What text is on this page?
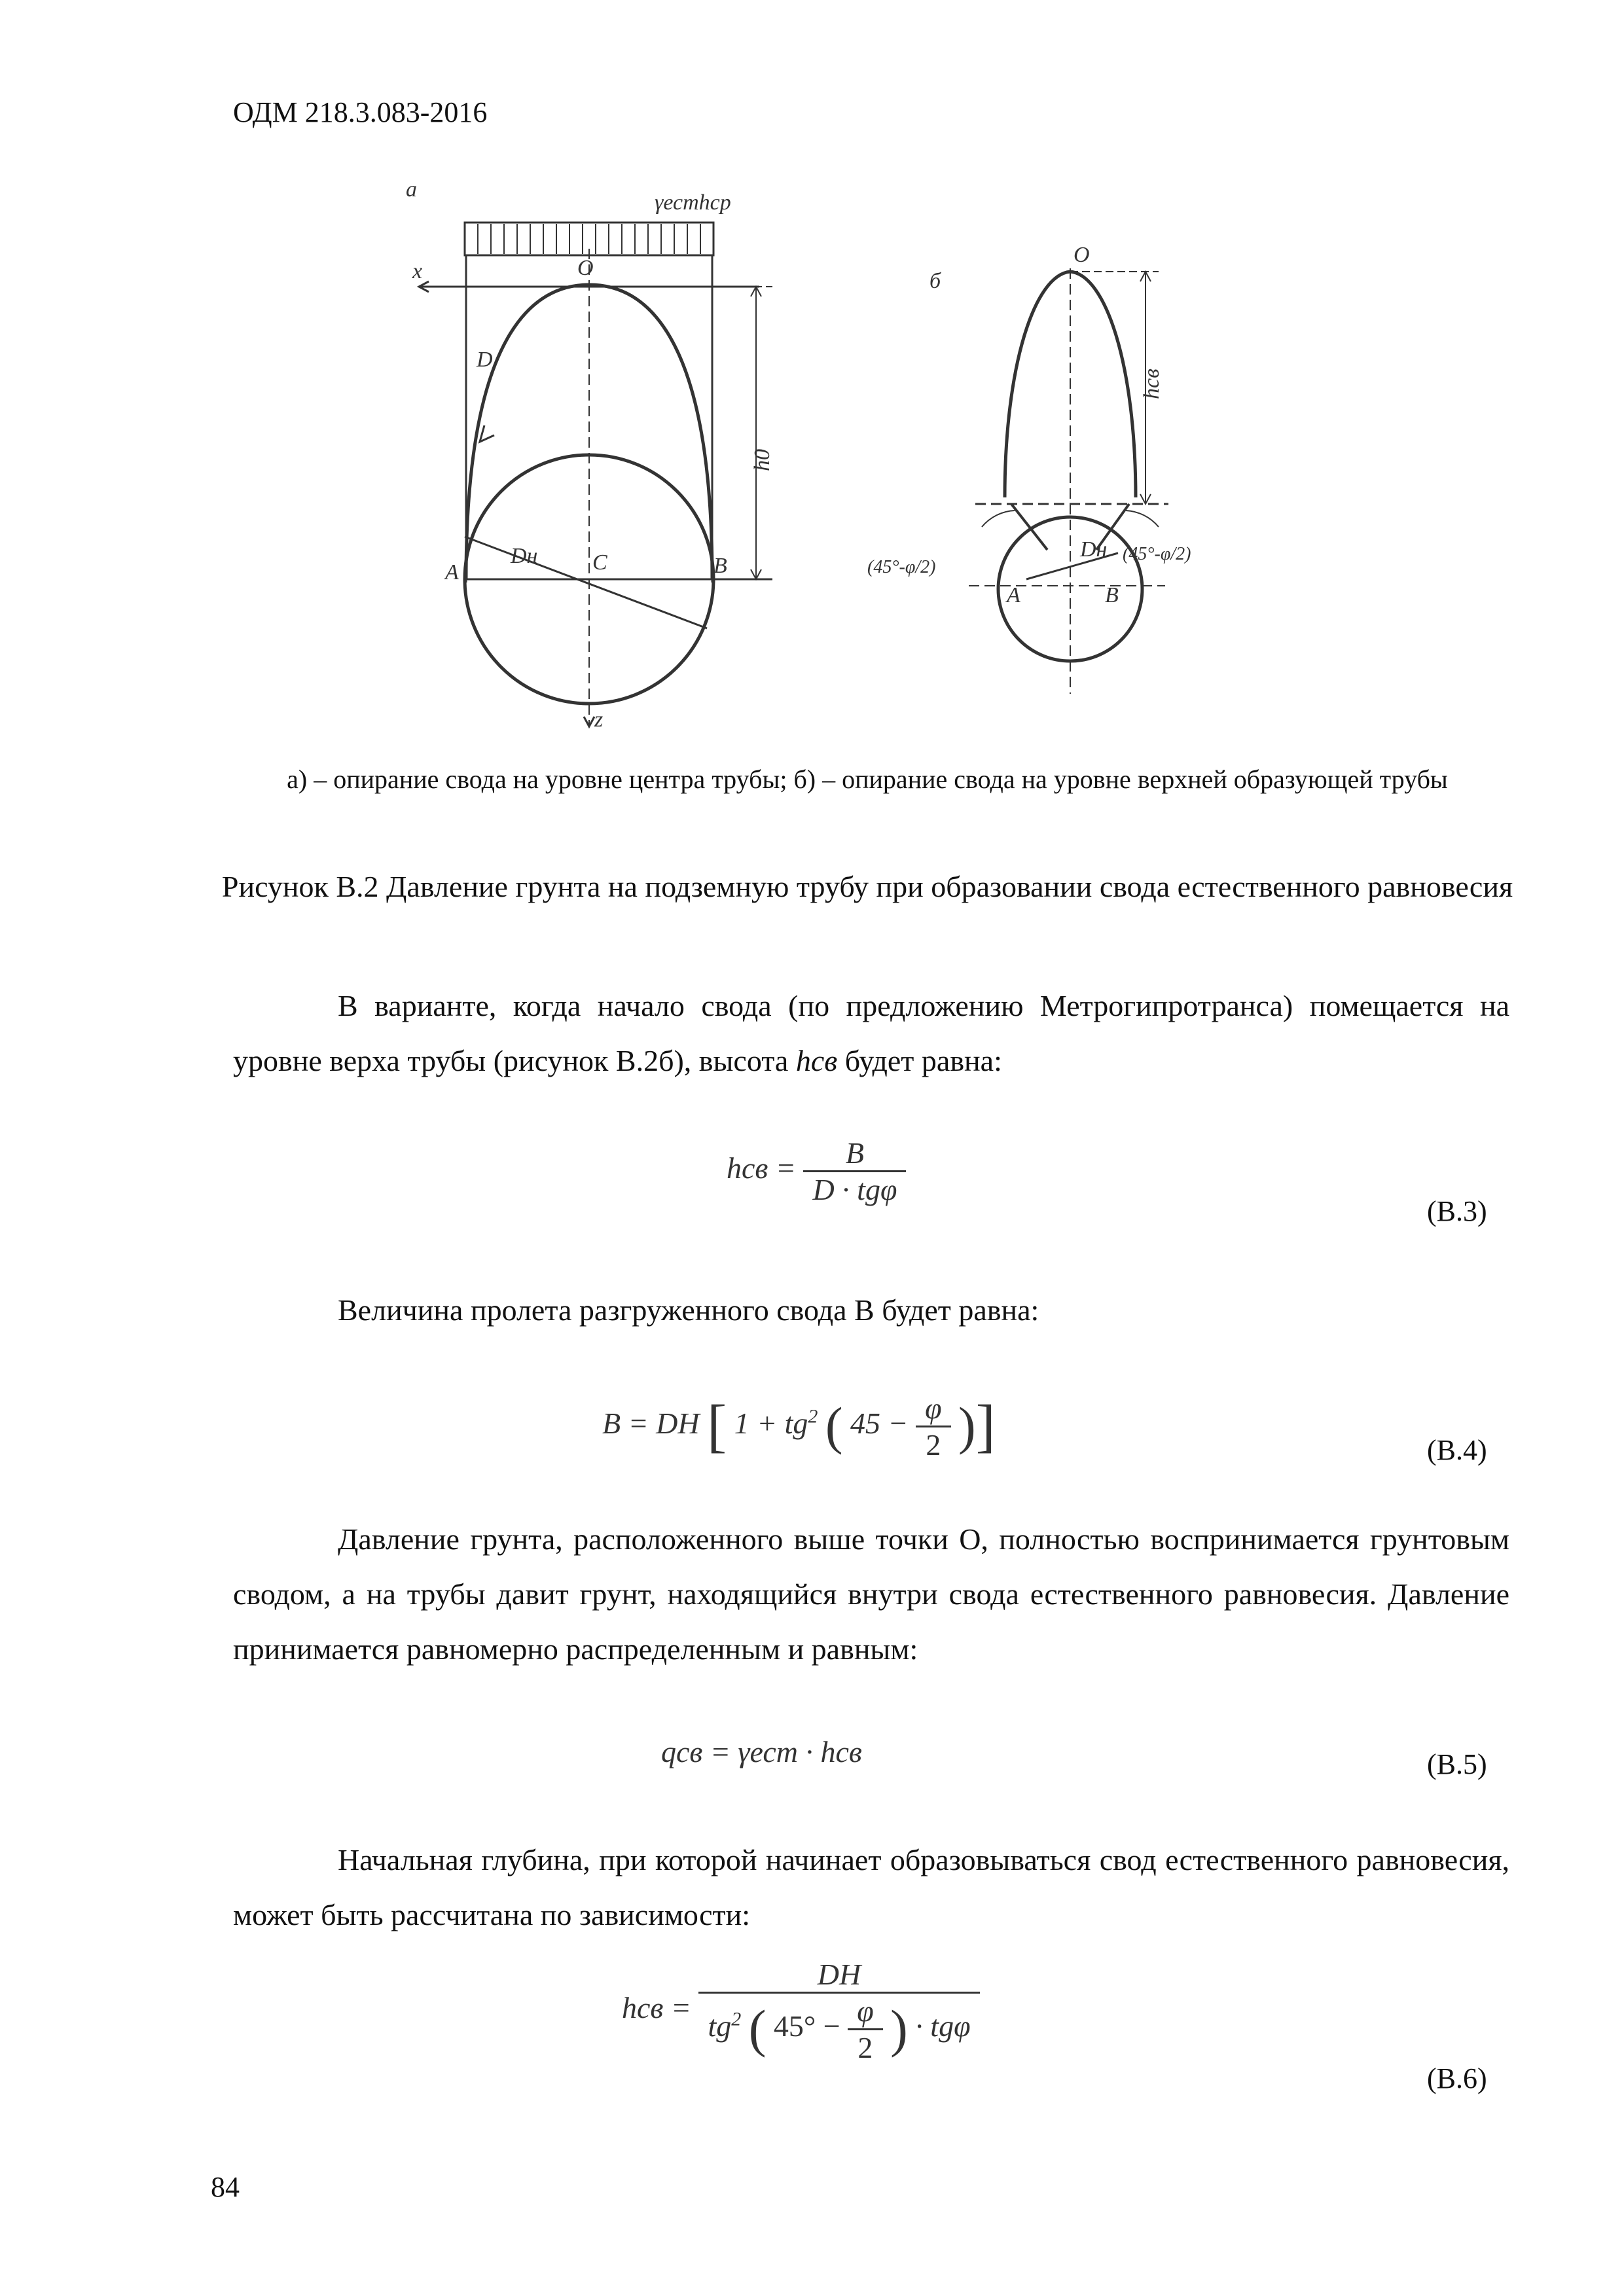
ОДМ 218.3.083-2016
а
γестhср
x	O
D
h0
A
Dн C	B
z
б
O
hсв
(45°-φ/2)
(45°-φ/2)
Dн
A	B
а) – опирание свода на уровне центра трубы; б) – опирание свода на уровне верхней образующей трубы
Рисунок В.2 Давление грунта на подземную трубу при образовании свода естественного равновесия
В варианте, когда начало свода (по предложению Метрогипротранса) помещается на уровне верха трубы (рисунок В.2б), высота hсв будет равна:
hсв = $\frac{B}{\text{D · tgφ}}$
(В.3)
Величина пролета разгруженного свода В будет равна:
B = DH [ $1 + tg^2$ ( $45 - \frac{\varphi}{2}$ )]	(В.4)
Давление грунта, расположенного выше точки О, полностью воспринимается грунтовым сводом, а на трубы давит грунт, находящийся внутри свода естественного равновесия. Давление принимается равномерно распределенным и равным:
qсв = γест · hсв	(В.5)
Начальная глубина, при которой начинает образовываться свод естественного равновесия, может быть рассчитана по зависимости:
hсв =
DH
$tg^2$ ( $45^\circ - \frac{\varphi}{2}$ ) · tgφ
(В.6)
84
